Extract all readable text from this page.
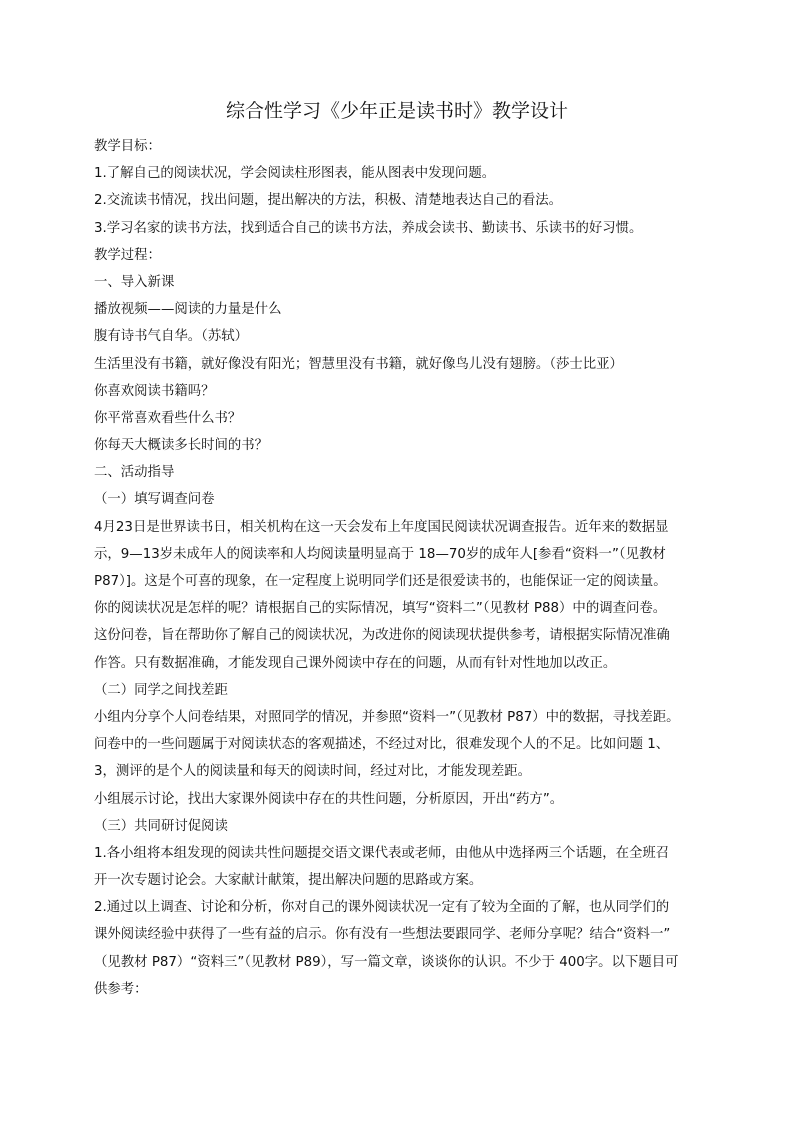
综合性学习《少年正是读书时》教学设计
教学目标：
1.了解自己的阅读状况，学会阅读柱形图表，能从图表中发现问题。
2.交流读书情况，找出问题，提出解决的方法，积极、清楚地表达自己的看法。
3.学习名家的读书方法，找到适合自己的读书方法，养成会读书、勤读书、乐读书的好习惯。
教学过程：
一、导入新课
播放视频——阅读的力量是什么
腹有诗书气自华。（苏轼）
生活里没有书籍，就好像没有阳光；智慧里没有书籍，就好像鸟儿没有翅膀。（莎士比亚）
你喜欢阅读书籍吗？
你平常喜欢看些什么书？
你每天大概读多长时间的书？
二、活动指导
（一）填写调查问卷
4月23日是世界读书日，相关机构在这一天会发布上年度国民阅读状况调查报告。近年来的数据显
示，9—13岁未成年人的阅读率和人均阅读量明显高于 18—70岁的成年人[参看“资料一”（见教材
P87）]。这是个可喜的现象，在一定程度上说明同学们还是很爱读书的，也能保证一定的阅读量。
你的阅读状况是怎样的呢？请根据自己的实际情况，填写“资料二”（见教材 P88）中的调查问卷。
这份问卷，旨在帮助你了解自己的阅读状况，为改进你的阅读现状提供参考，请根据实际情况准确
作答。只有数据准确，才能发现自己课外阅读中存在的问题，从而有针对性地加以改正。
（二）同学之间找差距
小组内分享个人问卷结果，对照同学的情况，并参照“资料一”（见教材 P87）中的数据，寻找差距。
问卷中的一些问题属于对阅读状态的客观描述，不经过对比，很难发现个人的不足。比如问题 1、
3，测评的是个人的阅读量和每天的阅读时间，经过对比，才能发现差距。
小组展示讨论，找出大家课外阅读中存在的共性问题，分析原因，开出“药方”。
（三）共同研讨促阅读
1.各小组将本组发现的阅读共性问题提交语文课代表或老师，由他从中选择两三个话题，在全班召
开一次专题讨论会。大家献计献策，提出解决问题的思路或方案。
2.通过以上调查、讨论和分析，你对自己的课外阅读状况一定有了较为全面的了解，也从同学们的
课外阅读经验中获得了一些有益的启示。你有没有一些想法要跟同学、老师分享呢？结合“资料一”
（见教材 P87）“资料三”（见教材 P89），写一篇文章，谈谈你的认识。不少于 400字。以下题目可
供参考：
